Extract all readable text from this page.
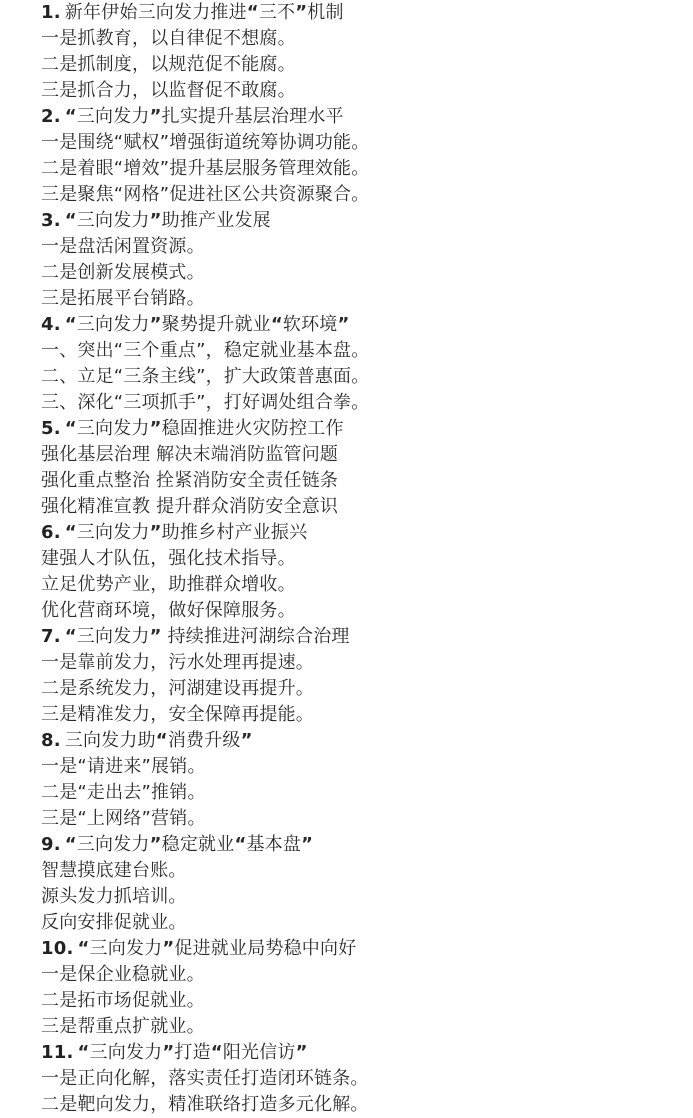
1. 新年伊始三向发力推进“三不”机制
一是抓教育，以自律促不想腐。
二是抓制度，以规范促不能腐。
三是抓合力，以监督促不敢腐。
2. “三向发力”扎实提升基层治理水平
一是围绕“赋权”增强街道统筹协调功能。
二是着眼“增效”提升基层服务管理效能。
三是聚焦“网格”促进社区公共资源聚合。
3. “三向发力”助推产业发展
一是盘活闲置资源。
二是创新发展模式。
三是拓展平台销路。
4. “三向发力”聚势提升就业“软环境”
一、突出“三个重点”，稳定就业基本盘。
二、立足“三条主线”，扩大政策普惠面。
三、深化“三项抓手”，打好调处组合拳。
5. “三向发力”稳固推进火灾防控工作
强化基层治理 解决末端消防监管问题
强化重点整治 拴紧消防安全责任链条
强化精准宣教 提升群众消防安全意识
6. “三向发力”助推乡村产业振兴
建强人才队伍，强化技术指导。
立足优势产业，助推群众增收。
优化营商环境，做好保障服务。
7. “三向发力” 持续推进河湖综合治理
一是靠前发力，污水处理再提速。
二是系统发力，河湖建设再提升。
三是精准发力，安全保障再提能。
8. 三向发力助“消费升级”
一是“请进来”展销。
二是“走出去”推销。
三是“上网络”营销。
9. “三向发力”稳定就业“基本盘”
智慧摸底建台账。
源头发力抓培训。
反向安排促就业。
10. “三向发力”促进就业局势稳中向好
一是保企业稳就业。
二是拓市场促就业。
三是帮重点扩就业。
11. “三向发力”打造“阳光信访”
一是正向化解，落实责任打造闭环链条。
二是靶向发力，精准联络打造多元化解。
